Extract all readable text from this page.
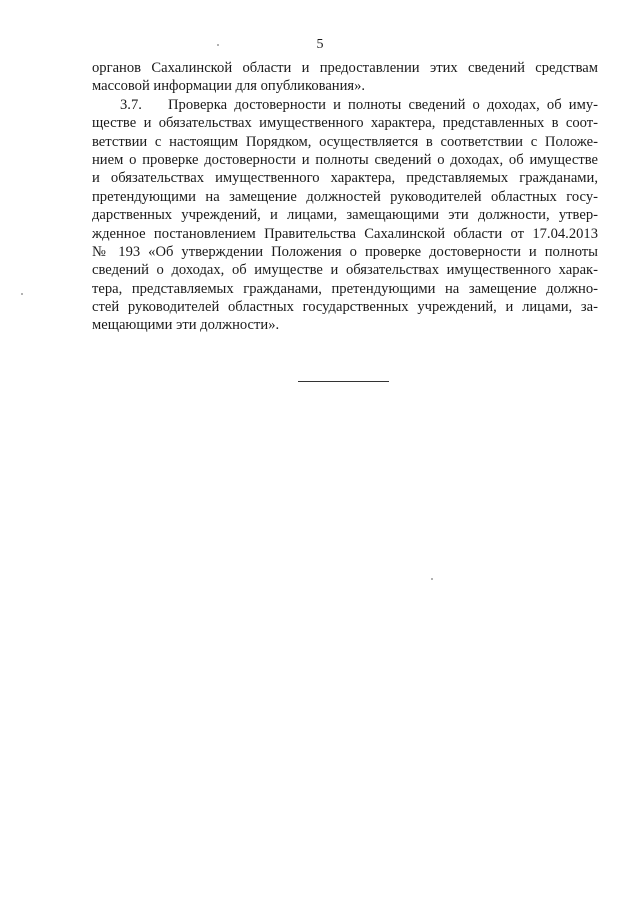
5
органов Сахалинской области и предоставлении этих сведений средствам
массовой информации для опубликования».
3.7. Проверка достоверности и полноты сведений о доходах, об иму-
ществе и обязательствах имущественного характера, представленных в соот-
ветствии с настоящим Порядком, осуществляется в соответствии с Положе-
нием о проверке достоверности и полноты сведений о доходах, об имуществе
и обязательствах имущественного характера, представляемых гражданами,
претендующими на замещение должностей руководителей областных госу-
дарственных учреждений, и лицами, замещающими эти должности, утвер-
жденное постановлением Правительства Сахалинской области от 17.04.2013
№ 193 «Об утверждении Положения о проверке достоверности и полноты
сведений о доходах, об имуществе и обязательствах имущественного харак-
тера, представляемых гражданами, претендующими на замещение должно-
стей руководителей областных государственных учреждений, и лицами, за-
мещающими эти должности».
